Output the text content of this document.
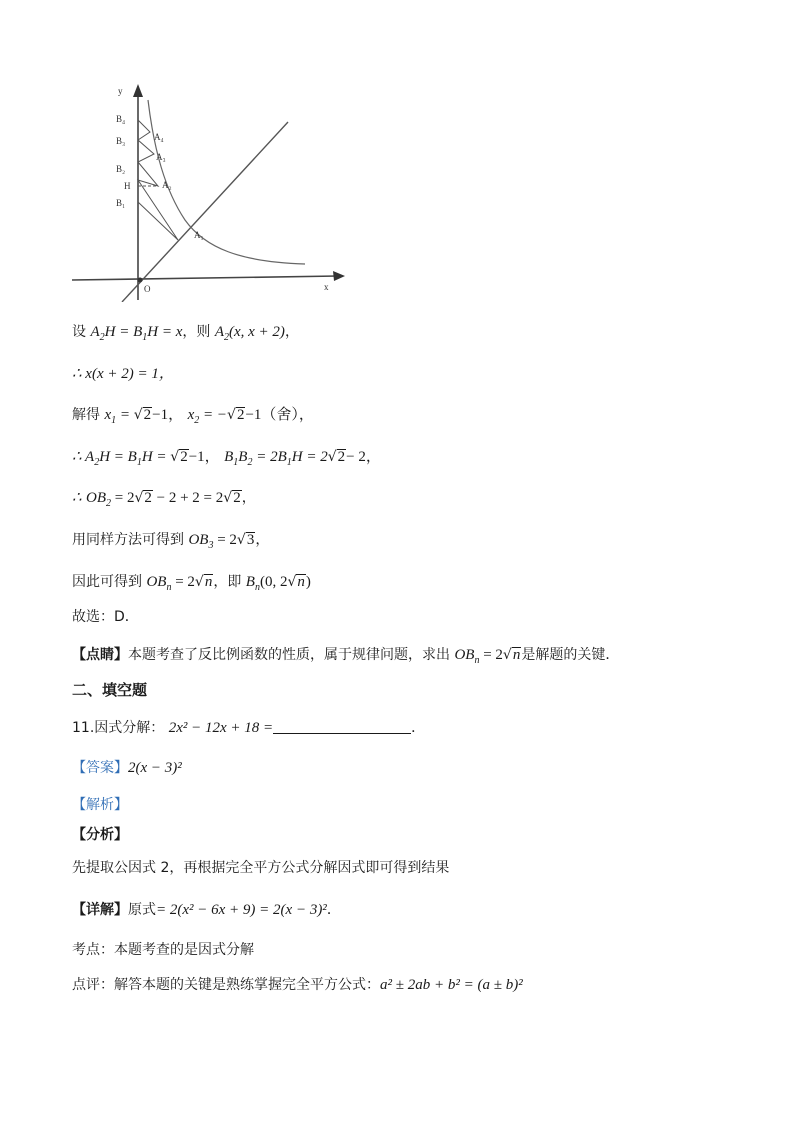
y
x
O
B₄
B₃
B₂
H
B₁
A₄
A₃
A₂
A₁
设 $A_2H = B_1H = x$，则 $A_2(x$, x + 2)，
∴ x(x + 2) = 1，
解得 $x_1 = √2-1$， $x_2 = -√2-1$（舍），
∴ $A_2H = B_1H = √2-1$， $B_1B_2 = 2B_1H = 2√2- 2$，
∴ $OB_2 = 2√2 - 2 + 2 = 2√2$，
用同样方法可得到 $OB_3 = 2√3$，
因此可得到 $OB_n = 2√n$，即 $B_n(0$, 2√n)
故选：D．
【点睛】本题考查了反比例函数的性质，属于规律问题，求出 $OB_n = 2√n$是解题的关键．
二、填空题
11.因式分解： 2x² − 12x + 18 =	．
【答案】2(x − 3)²
【解析】
【分析】
先提取公因式 2，再根据完全平方公式分解因式即可得到结果
【详解】原式= 2(x² − 6x + 9) = 2(x − 3)²．
考点：本题考查的是因式分解
点评：解答本题的关键是熟练掌握完全平方公式：a² ± 2ab + b² = (a ± b)²
